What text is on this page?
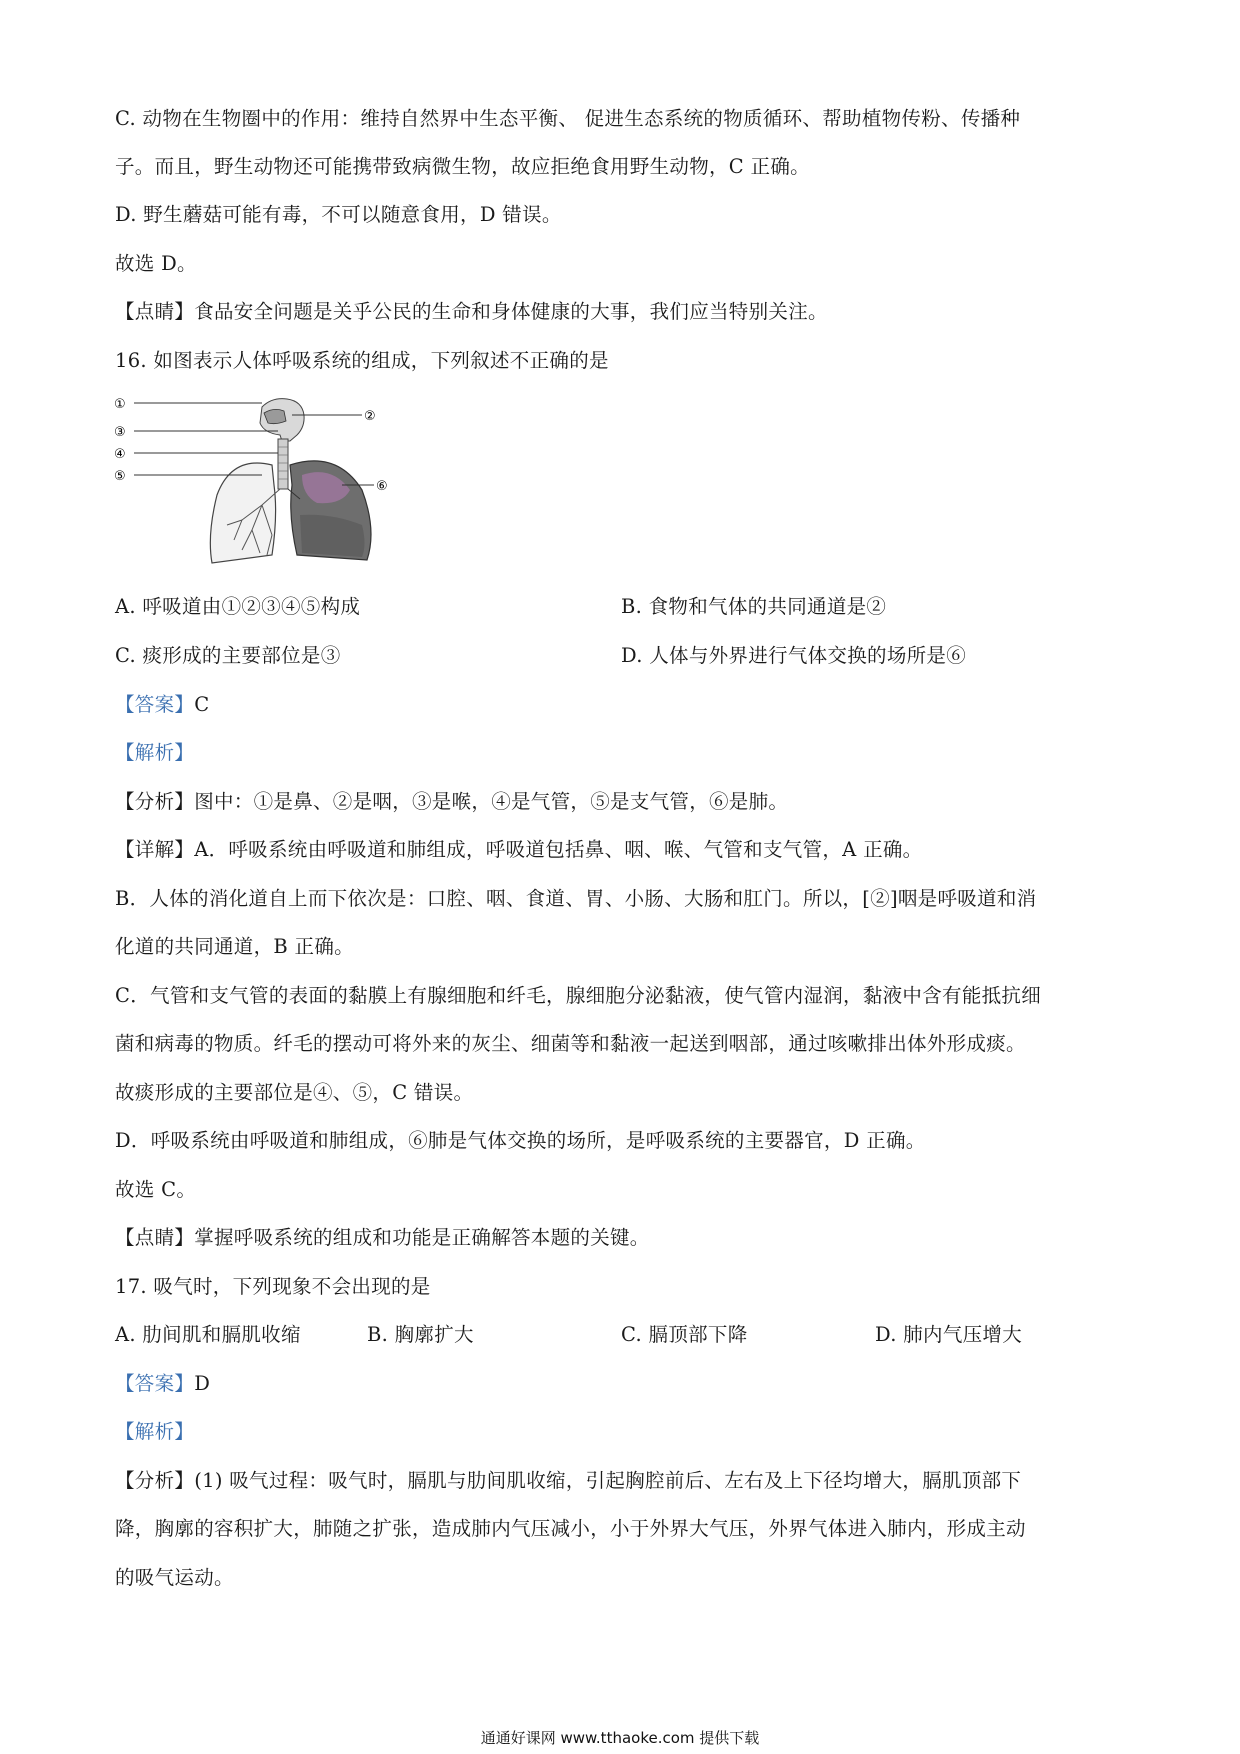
C. 动物在生物圈中的作用：维持自然界中生态平衡、 促进生态系统的物质循环、帮助植物传粉、传播种
子。而且，野生动物还可能携带致病微生物，故应拒绝食用野生动物，C 正确。
D. 野生蘑菇可能有毒，不可以随意食用，D 错误。
故选 D。
【点睛】食品安全问题是关乎公民的生命和身体健康的大事，我们应当特别关注。
16. 如图表示人体呼吸系统的组成，下列叙述不正确的是
①
②
③
④
⑤
⑥
A. 呼吸道由①②③④⑤构成	B. 食物和气体的共同通道是②
C. 痰形成的主要部位是③	D. 人体与外界进行气体交换的场所是⑥
【答案】C
【解析】
【分析】图中：①是鼻、②是咽，③是喉，④是气管，⑤是支气管，⑥是肺。
【详解】A．呼吸系统由呼吸道和肺组成，呼吸道包括鼻、咽、喉、气管和支气管，A 正确。
B．人体的消化道自上而下依次是：口腔、咽、食道、胃、小肠、大肠和肛门。所以，[②]咽是呼吸道和消
化道的共同通道，B 正确。
C．气管和支气管的表面的黏膜上有腺细胞和纤毛，腺细胞分泌黏液，使气管内湿润，黏液中含有能抵抗细
菌和病毒的物质。纤毛的摆动可将外来的灰尘、细菌等和黏液一起送到咽部，通过咳嗽排出体外形成痰。
故痰形成的主要部位是④、⑤，C 错误。
D．呼吸系统由呼吸道和肺组成，⑥肺是气体交换的场所，是呼吸系统的主要器官，D 正确。
故选 C。
【点睛】掌握呼吸系统的组成和功能是正确解答本题的关键。
17. 吸气时，下列现象不会出现的是
A. 肋间肌和膈肌收缩	B. 胸廓扩大	C. 膈顶部下降	D. 肺内气压增大
【答案】D
【解析】
【分析】(1) 吸气过程：吸气时，膈肌与肋间肌收缩，引起胸腔前后、左右及上下径均增大，膈肌顶部下
降，胸廓的容积扩大，肺随之扩张，造成肺内气压减小，小于外界大气压，外界气体进入肺内，形成主动
的吸气运动。
通通好课网 www.tthaoke.com 提供下载
